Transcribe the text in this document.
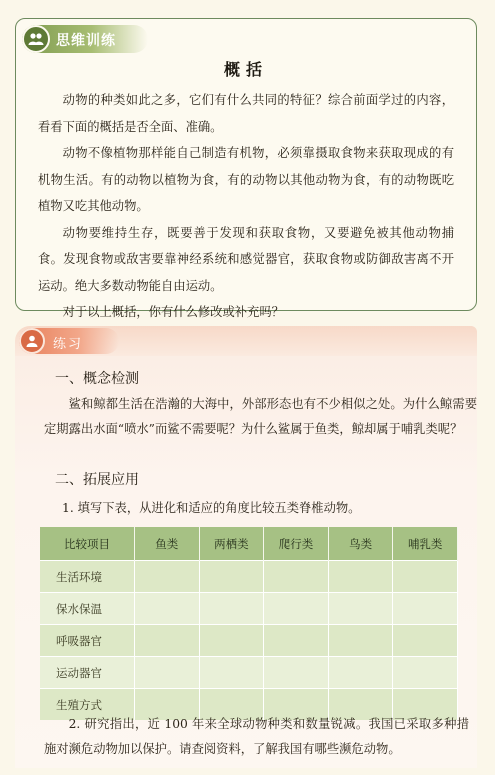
思维训练
概括

动物的种类如此之多，它们有什么共同的特征？综合前面学过的内容，看看下面的概括是否全面、准确。

动物不像植物那样能自己制造有机物，必须靠摄取食物来获取现成的有机物生活。有的动物以植物为食，有的动物以其他动物为食，有的动物既吃植物又吃其他动物。

动物要维持生存，既要善于发现和获取食物，又要避免被其他动物捕食。发现食物或敌害要靠神经系统和感觉器官，获取食物或防御敌害离不开运动。绝大多数动物能自由运动。

对于以上概括，你有什么修改或补充吗？

练习
一、概念检测
鲨和鲸都生活在浩瀚的大海中，外部形态也有不少相似之处。为什么鲸需要定期露出水面“喷水”而鲨不需要呢？为什么鲨属于鱼类，鲸却属于哺乳类呢？
二、拓展应用
1. 填写下表，从进化和适应的角度比较五类脊椎动物。
比较项目	鱼类	两栖类	爬行类	鸟类	哺乳类
生活环境					
保水保温					
呼吸器官					
运动器官					
生殖方式					
2. 研究指出，近 100 年来全球动物种类和数量锐减。我国已采取多种措施对濒危动物加以保护。请查阅资料，了解我国有哪些濒危动物。
